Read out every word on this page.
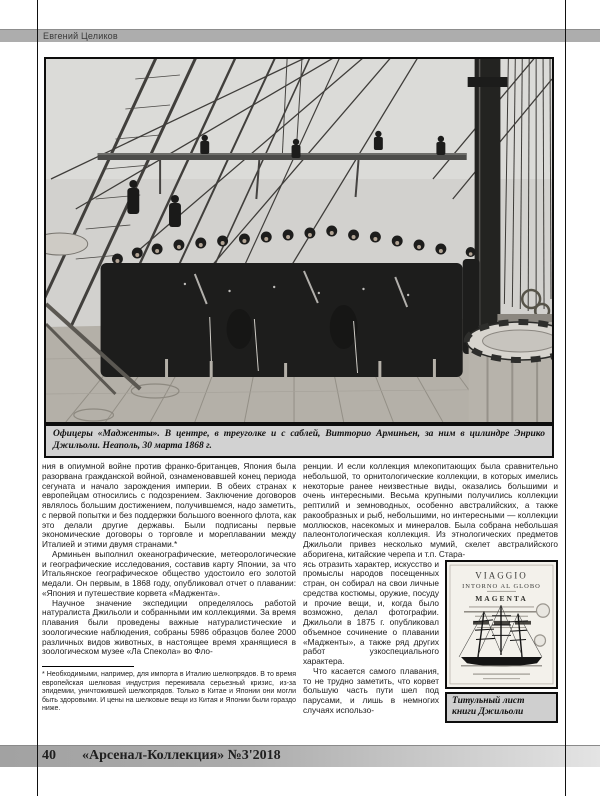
Евгений Целиков
Офицеры «Мадженты». В центре, в треуголке и с саблей, Витторио Арминьен, за ним в цилиндре Энрико Джильоли. Неаполь, 30 марта 1868 г.

ния в опиумной войне против франко-британцев, Япония была разорвана гражданской войной, ознаменовавшей конец периода сегуната и начало зарождения империи. В обеих странах к европейцам относились с подозрением. Заключение договоров являлось большим достижением, получившемся, надо заметить, с первой попытки и без поддержки большого военного флота, как это делали другие державы. Были подписаны первые экономические договоры о торговле и мореплавании между Италией и этими двумя странами.*

Арминьен выполнил океанографические, метеорологические и географические исследования, составив карту Японии, за что Итальянское географическое общество удостоило его золотой медали. Он первым, в 1868 году, опубликовал отчет о плавании: «Япония и путешествие корвета «Маджента».

Научное значение экспедиции определялось работой натуралиста Джильоли и собранными им коллекциями. За время плавания были проведены важные натуралистические и зоологические наблюдения, собраны 5986 образцов более 2000 различных видов животных, в настоящее время хранящиеся в зоологическом музее «Ла Спекола» во Фло-

* Необходимыми, например, для импорта в Италию шелкопрядов. В то время европейская шелковая индустрия переживала серьезный кризис, из-за эпидемии, уничтожившей шелкопрядов. Только в Китае и Японии они могли быть здоровыми. И цены на шелковые вещи из Китая и Японии были гораздо ниже.

ренции. И если коллекция млекопитающих была сравнительно небольшой, то орнитологические коллекции, в которых имелись некоторые ранее неизвестные виды, оказались большими и очень интересными. Весьма крупными получились коллекции рептилий и земноводных, особенно австралийских, а также ракообразных и рыб, небольшими, но интересными — коллекции моллюсков, насекомых и минералов. Была собрана небольшая палеонтологическая коллекция. Из этнологических предметов Джильоли привез несколько мумий, скелет австралийского аборигена, китайские черепа и т.п. Стара-

ясь отразить характер, искусство и промыслы народов посещенных стран, он собирал на свои личные средства костюмы, оружие, посуду и прочие вещи, и, когда было возможно, делал фотографии. Джильоли в 1875 г. опубликовал объемное сочинение о плавании «Мадженты», а также ряд других работ узкоспециального характера.

Что касается самого плавания, то не трудно заметить, что корвет большую часть пути шел под парусами, и лишь в немногих случаях использо-

VIAGGIO
INTORNO AL GLOBO
MAGENTA
Титульный лист книги Джильоли
40 «Арсенал-Коллекция» №3'2018
